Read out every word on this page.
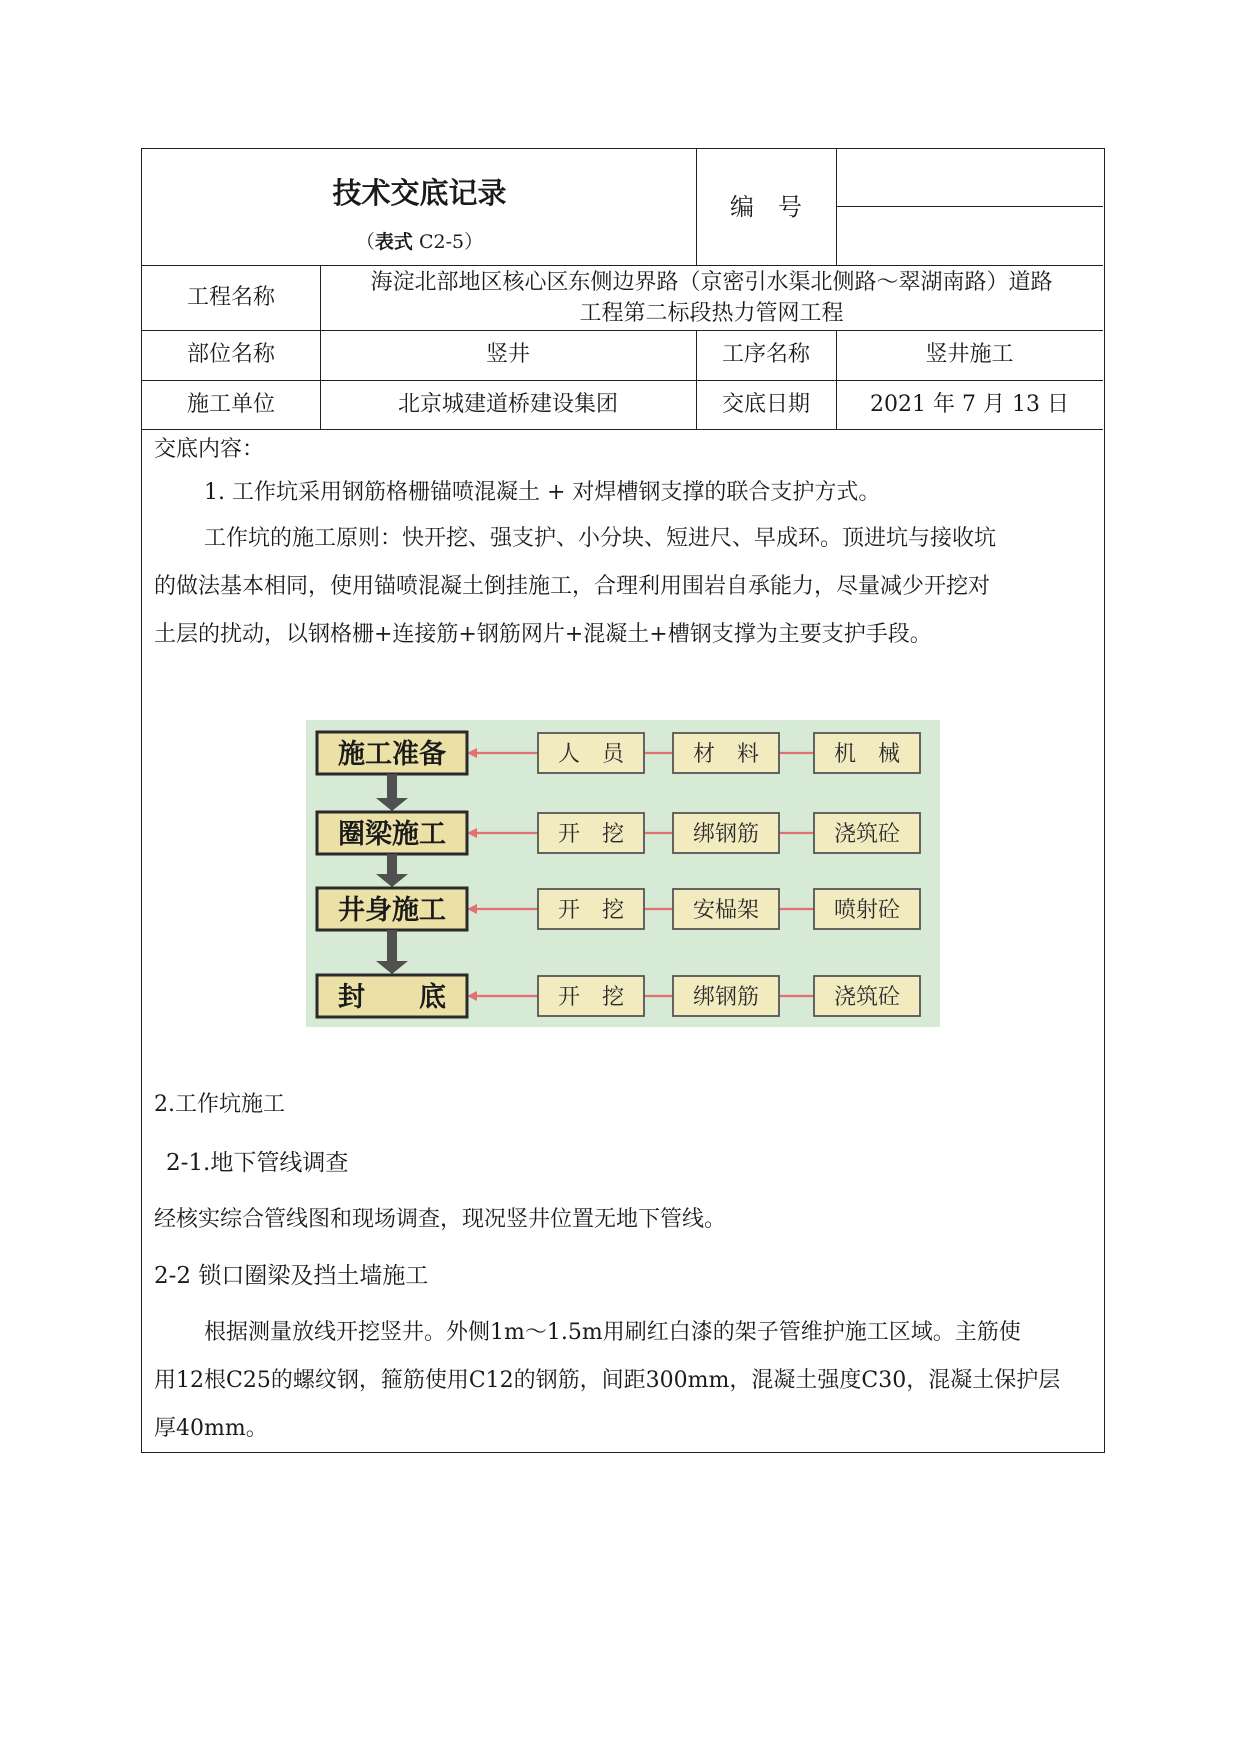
技术交底记录
（表式 C2-5）
编　号
工程名称
海淀北部地区核心区东侧边界路（京密引水渠北侧路～翠湖南路）道路
工程第二标段热力管网工程
部位名称	竖井	工序名称	竖井施工
施工单位	北京城建道桥建设集团	交底日期	2021 年 7 月 13 日
交底内容：
1. 工作坑采用钢筋格栅锚喷混凝土 + 对焊槽钢支撑的联合支护方式。
工作坑的施工原则：快开挖、强支护、小分块、短进尺、早成环。顶进坑与接收坑
的做法基本相同，使用锚喷混凝土倒挂施工，合理利用围岩自承能力，尽量减少开挖对
土层的扰动，以钢格栅+连接筋+钢筋网片+混凝土+槽钢支撑为主要支护手段。
施工准备	人　员	材　料	机　械
圈梁施工	开　挖	绑钢筋	浇筑砼
井身施工	开　挖	安榀架	喷射砼
封　　底	开　挖	绑钢筋	浇筑砼
2.工作坑施工
2-1.地下管线调查
经核实综合管线图和现场调查，现况竖井位置无地下管线。
2-2 锁口圈梁及挡土墙施工
根据测量放线开挖竖井。外侧1m～1.5m用刷红白漆的架子管维护施工区域。主筋使
用12根C25的螺纹钢，箍筋使用C12的钢筋，间距300mm，混凝土强度C30，混凝土保护层
厚40mm。
